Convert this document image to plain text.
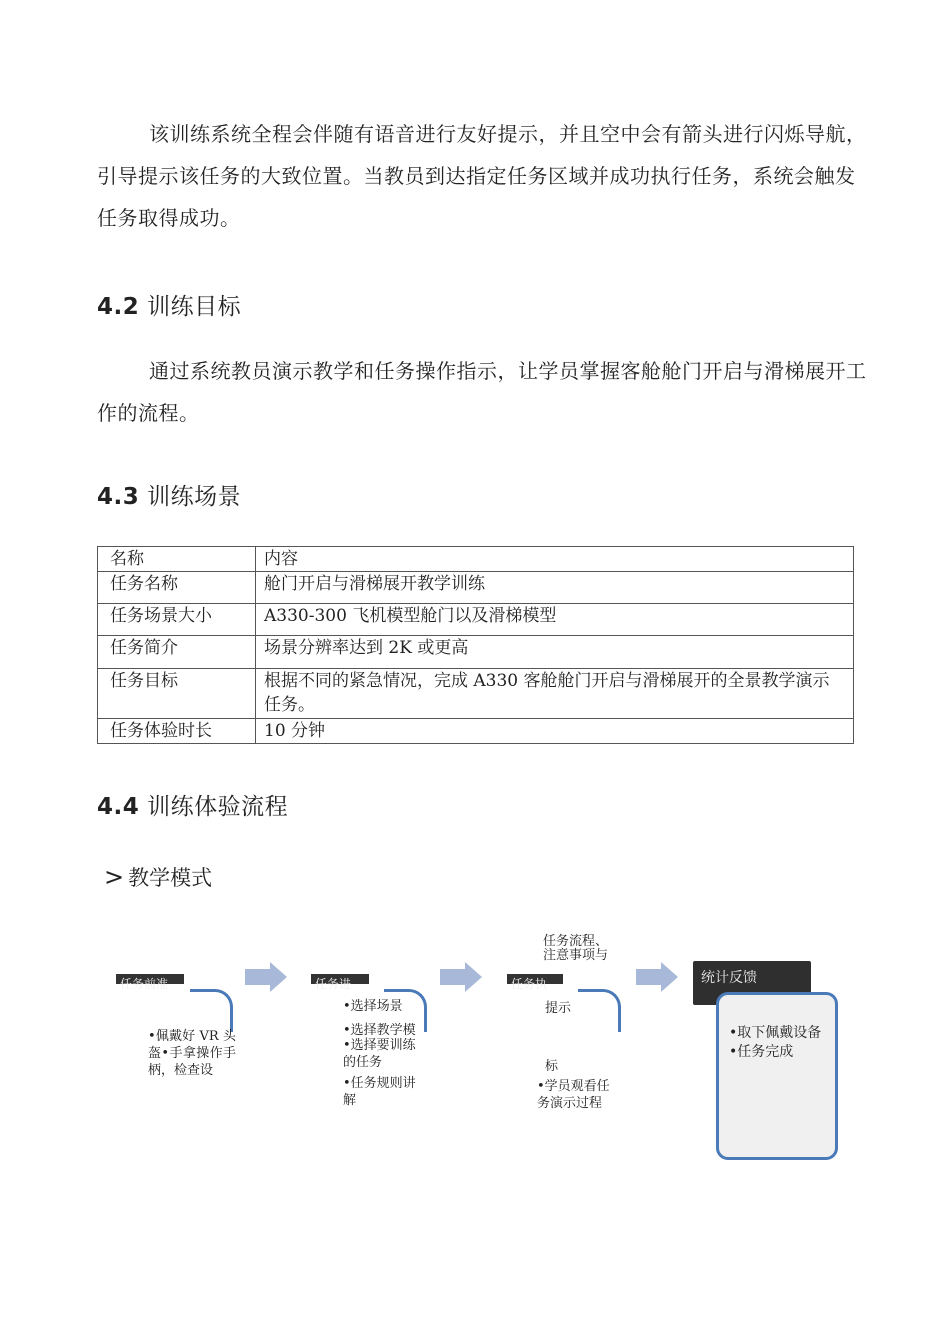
该训练系统全程会伴随有语音进行友好提示，并且空中会有箭头进行闪烁导航，引导提示该任务的大致位置。当教员到达指定任务区域并成功执行任务，系统会触发任务取得成功。

4.2 训练目标

通过系统教员演示教学和任务操作指示，让学员掌握客舱舱门开启与滑梯展开工作的流程。

4.3 训练场景
名称	内容
任务名称	舱门开启与滑梯展开教学训练
任务场景大小	A330-300 飞机模型舱门以及滑梯模型
任务简介	场景分辨率达到 2K 或更高
任务目标	根据不同的紧急情况，完成 A330 客舱舱门开启与滑梯展开的全景教学演示任务。
任务体验时长	10 分钟
4.4 训练体验流程

> 教学模式

任务前准
•佩戴好 VR 头盔•手拿操作手柄，检查设
任务进
•选择场景
•选择教学模
•选择要训练的任务
•任务规则讲解
任务流程、注意事项与
任务执
提示
标
•学员观看任务演示过程
统计反馈
•取下佩戴设备
•任务完成
